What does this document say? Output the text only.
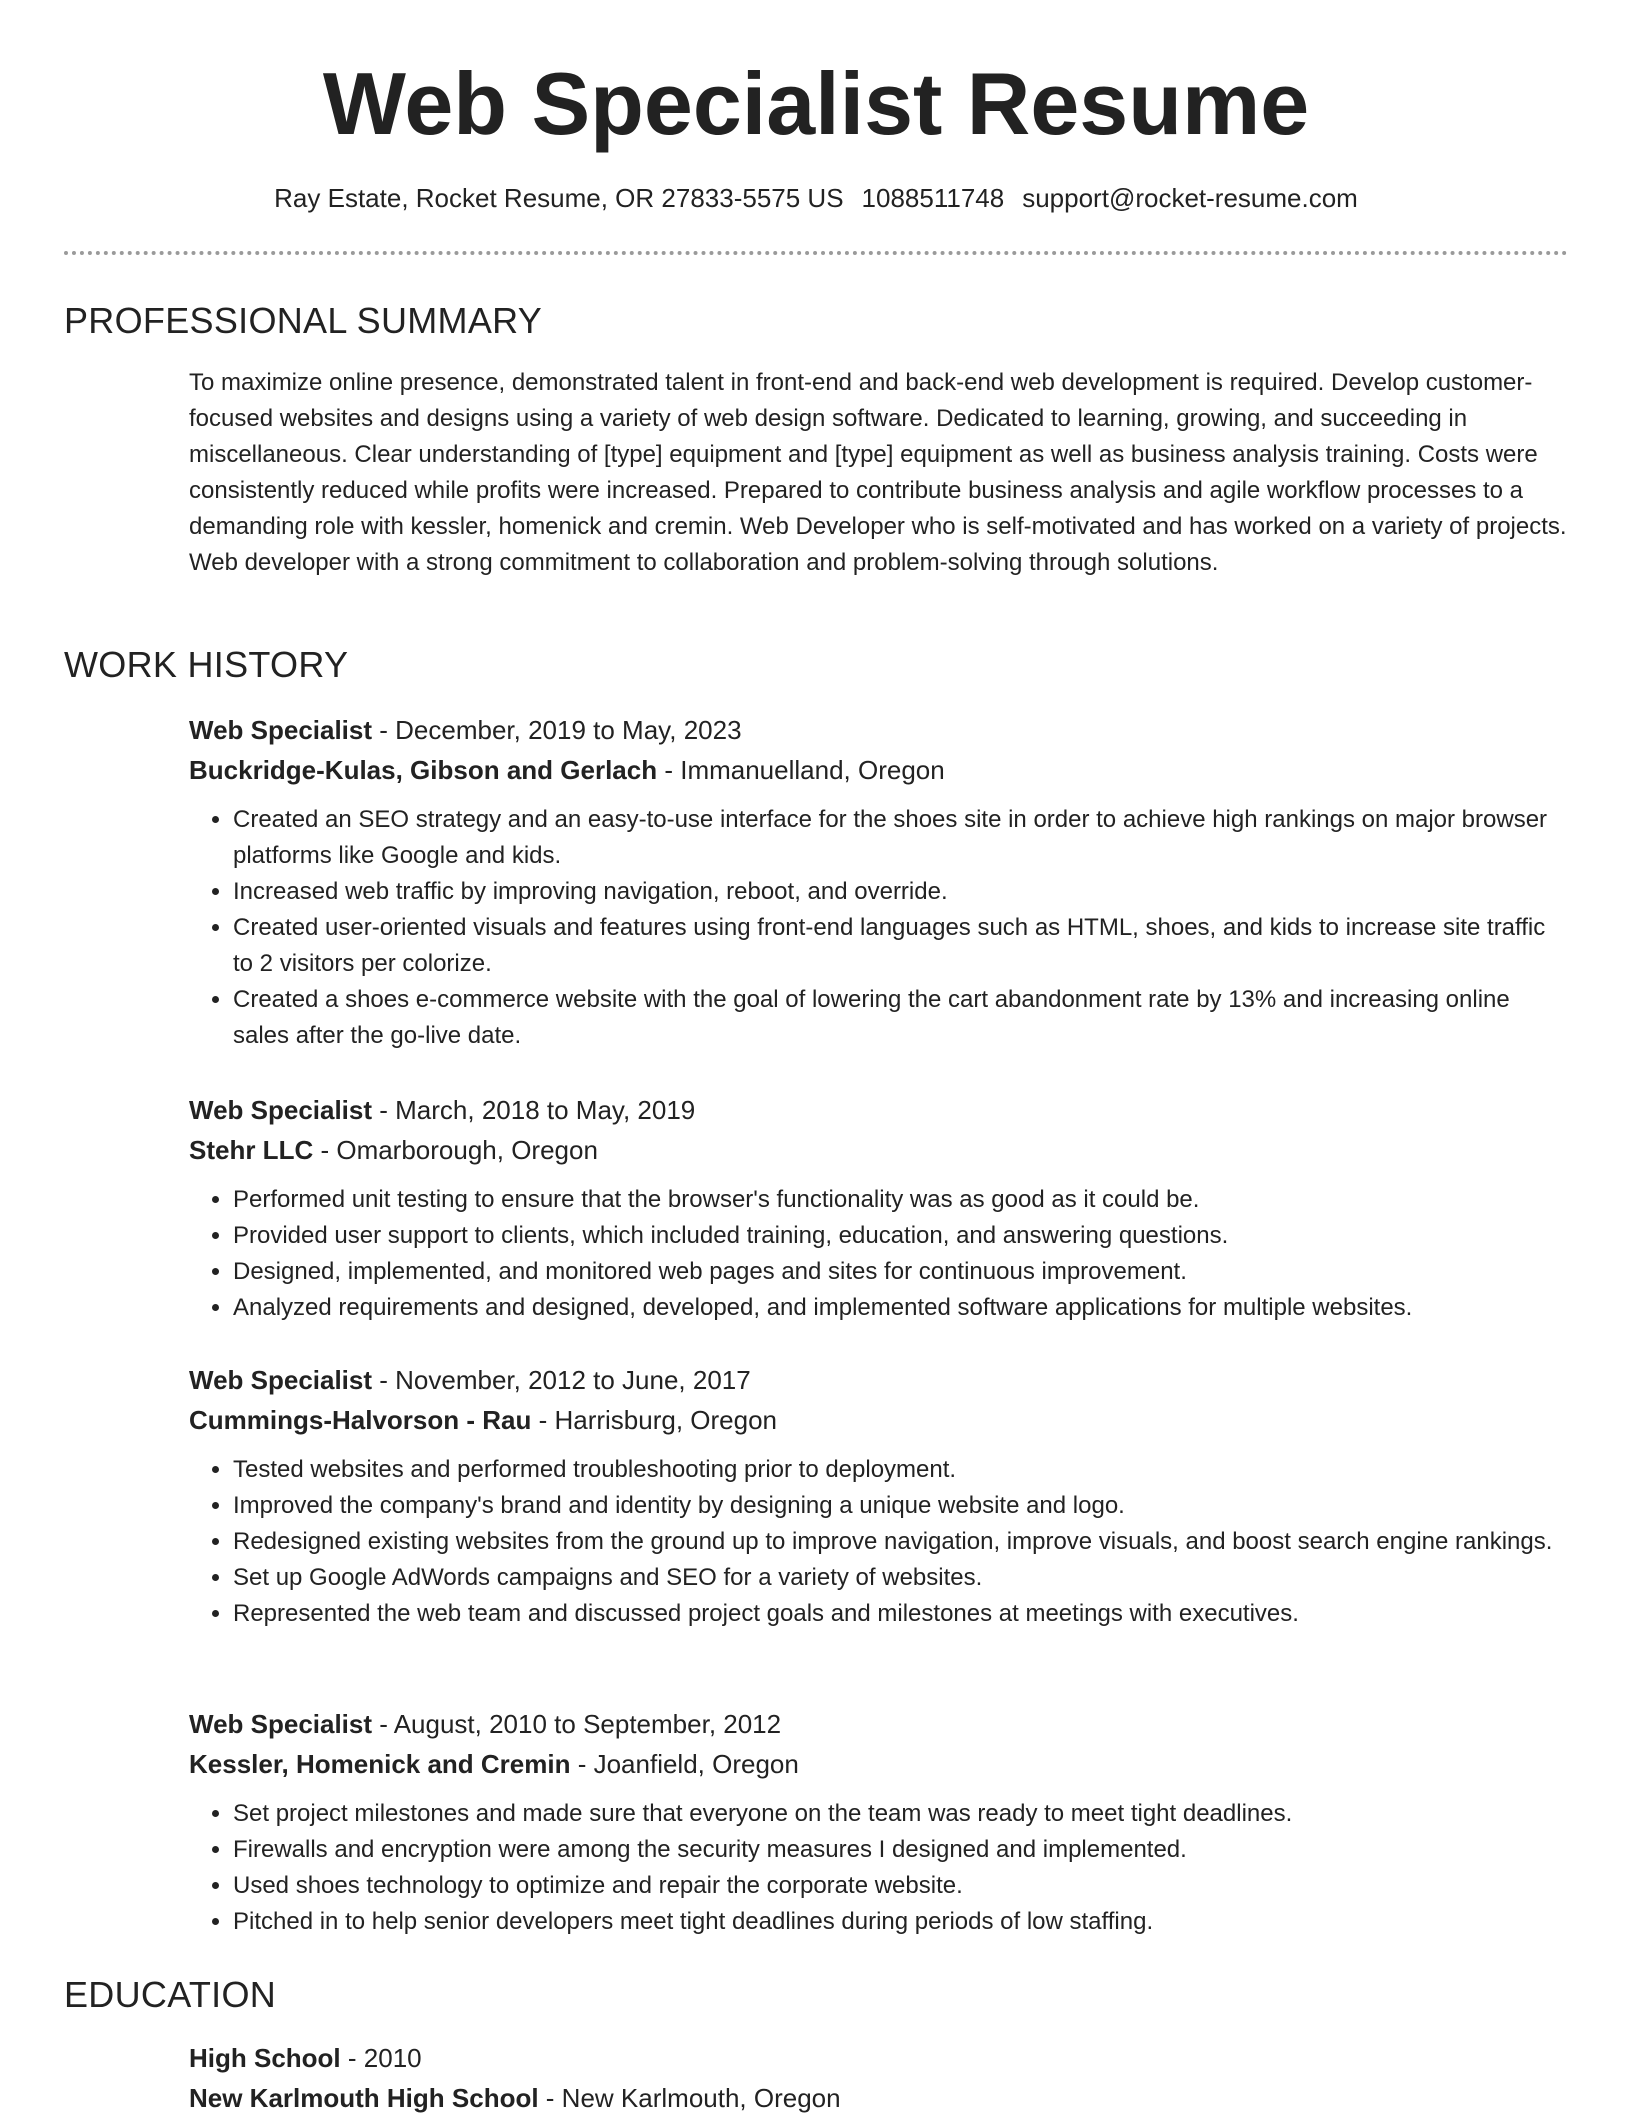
Web Specialist Resume
Ray Estate, Rocket Resume, OR 27833-5575 US 1088511748 support@rocket-resume.com
PROFESSIONAL SUMMARY

To maximize online presence, demonstrated talent in front-end and back-end web development is required. Develop customer-focused websites and designs using a variety of web design software. Dedicated to learning, growing, and succeeding in miscellaneous. Clear understanding of [type] equipment and [type] equipment as well as business analysis training. Costs were consistently reduced while profits were increased. Prepared to contribute business analysis and agile workflow processes to a demanding role with kessler, homenick and cremin. Web Developer who is self-motivated and has worked on a variety of projects. Web developer with a strong commitment to collaboration and problem-solving through solutions.

WORK HISTORY
Web Specialist - December, 2019 to May, 2023
Buckridge-Kulas, Gibson and Gerlach - Immanuelland, Oregon
• Created an SEO strategy and an easy-to-use interface for the shoes site in order to achieve high rankings on major browser platforms like Google and kids.
• Increased web traffic by improving navigation, reboot, and override.
• Created user-oriented visuals and features using front-end languages such as HTML, shoes, and kids to increase site traffic to 2 visitors per colorize.
• Created a shoes e-commerce website with the goal of lowering the cart abandonment rate by 13% and increasing online sales after the go-live date.
Web Specialist - March, 2018 to May, 2019
Stehr LLC - Omarborough, Oregon
• Performed unit testing to ensure that the browser's functionality was as good as it could be.
• Provided user support to clients, which included training, education, and answering questions.
• Designed, implemented, and monitored web pages and sites for continuous improvement.
• Analyzed requirements and designed, developed, and implemented software applications for multiple websites.
Web Specialist - November, 2012 to June, 2017
Cummings-Halvorson - Rau - Harrisburg, Oregon
• Tested websites and performed troubleshooting prior to deployment.
• Improved the company's brand and identity by designing a unique website and logo.
• Redesigned existing websites from the ground up to improve navigation, improve visuals, and boost search engine rankings.
• Set up Google AdWords campaigns and SEO for a variety of websites.
• Represented the web team and discussed project goals and milestones at meetings with executives.
Web Specialist - August, 2010 to September, 2012
Kessler, Homenick and Cremin - Joanfield, Oregon
• Set project milestones and made sure that everyone on the team was ready to meet tight deadlines.
• Firewalls and encryption were among the security measures I designed and implemented.
• Used shoes technology to optimize and repair the corporate website.
• Pitched in to help senior developers meet tight deadlines during periods of low staffing.
EDUCATION
High School - 2010
New Karlmouth High School - New Karlmouth, Oregon
